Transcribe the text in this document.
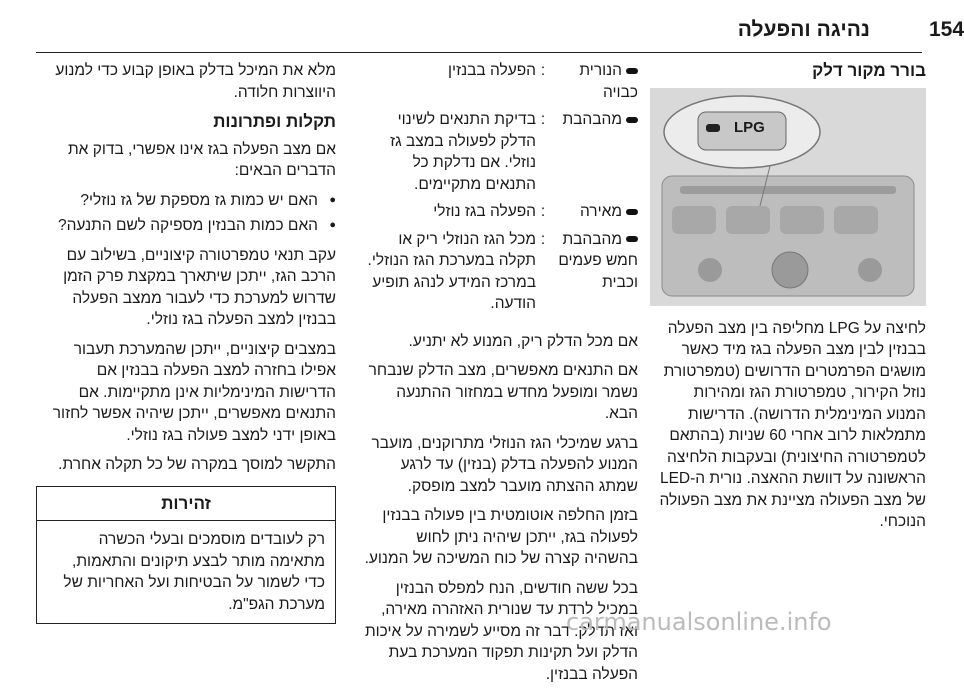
154
נהיגה והפעלה
בורר מקור דלק
LPG

לחיצה על LPG מחליפה בין מצב הפעלה בבנזין לבין מצב הפעלה בגז מיד כאשר מושגים הפרמטרים הדרושים (טמפרטורת נוזל הקירור, טמפרטורת הגז ומהירות המנוע המינימלית הדרושה). הדרישות מתמלאות לרוב אחרי 60 שניות (בהתאם לטמפרטורה החיצונית) ובעקבות הלחיצה הראשונה על דוושת ההאצה. נורית ה-LED של מצב הפעולה מציינת את מצב הפעולה הנוכחי.

הנורית כבויה	:	הפעלה בבנזין
מהבהבת	:	בדיקת התנאים לשינוי הדלק לפעולה במצב גז נוזלי. אם נדלקת כל התנאים מתקיימים.
מאירה	:	הפעלה בגז נוזלי
מהבהבת חמש פעמים וכבית	:	מכל הגז הנוזלי ריק או תקלה במערכת הגז הנוזלי. במרכז המידע לנהג תופיע הודעה.

אם מכל הדלק ריק, המנוע לא יתניע.

אם התנאים מאפשרים, מצב הדלק שנבחר נשמר ומופעל מחדש במחזור ההתנעה הבא.

ברגע שמיכלי הגז הנוזלי מתרוקנים, מועבר המנוע להפעלה בדלק (בנזין) עד לרגע שמתג ההצתה מועבר למצב מופסק.

בזמן החלפה אוטומטית בין פעולה בבנזין לפעולה בגז, ייתכן שיהיה ניתן לחוש בהשהיה קצרה של כוח המשיכה של המנוע.

בכל ששה חודשים, הנח למפלס הבנזין במכיל לרדת עד שנורית האזהרה מאירה, ואז תדלק. דבר זה מסייע לשמירה על איכות הדלק ועל תקינות תפקוד המערכת בעת הפעלה בבנזין.

מלא את המיכל בדלק באופן קבוע כדי למנוע היווצרות חלודה.

תקלות ופתרונות

אם מצב הפעלה בגז אינו אפשרי, בדוק את הדברים הבאים:

● האם יש כמות גז מספקת של גז נוזלי?
● האם כמות הבנזין מספיקה לשם התנעה?

עקב תנאי טמפרטורה קיצוניים, בשילוב עם הרכב הגז, ייתכן שיתארך במקצת פרק הזמן שדרוש למערכת כדי לעבור ממצב הפעלה בבנזין למצב הפעלה בגז נוזלי.

במצבים קיצוניים, ייתכן שהמערכת תעבור אפילו בחזרה למצב הפעלה בבנזין אם הדרישות המינימליות אינן מתקיימות. אם התנאים מאפשרים, ייתכן שיהיה אפשר לחזור באופן ידני למצב פעולה בגז נוזלי.

התקשר למוסך במקרה של כל תקלה אחרת.

זהירות
רק לעובדים מוסמכים ובעלי הכשרה מתאימה מותר לבצע תיקונים והתאמות, כדי לשמור על הבטיחות ועל האחריות של מערכת הגפ"מ.
carmanualsonline.info
